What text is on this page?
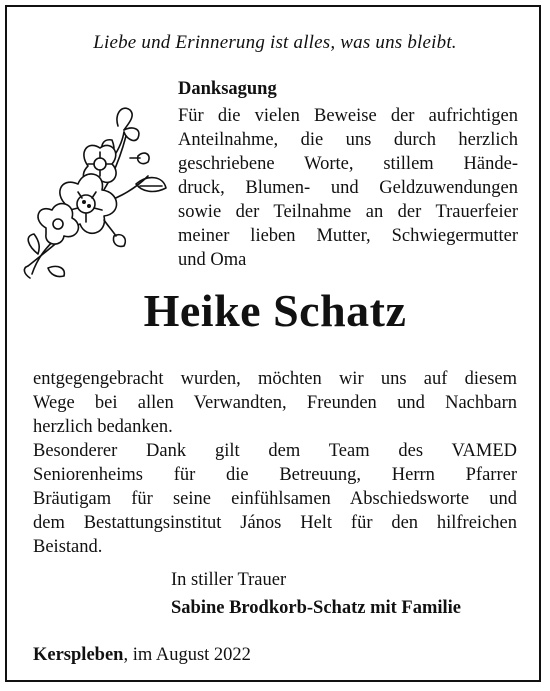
Liebe und Erinnerung ist alles, was uns bleibt.
Danksagung
Für die vielen Beweise der aufrichtigen
Anteilnahme, die uns durch herzlich
geschriebene Worte, stillem Hände-
druck, Blumen- und Geldzuwendungen
sowie der Teilnahme an der Trauerfeier
meiner lieben Mutter, Schwiegermutter
und Oma
Heike Schatz
entgegengebracht wurden, möchten wir uns auf diesem
Wege bei allen Verwandten, Freunden und Nachbarn
herzlich bedanken.
Besonderer Dank gilt dem Team des VAMED
Seniorenheims für die Betreuung, Herrn Pfarrer
Bräutigam für seine einfühlsamen Abschiedsworte und
dem Bestattungsinstitut János Helt für den hilfreichen
Beistand.
In stiller Trauer
Sabine Brodkorb-Schatz mit Familie
Kerspleben, im August 2022
